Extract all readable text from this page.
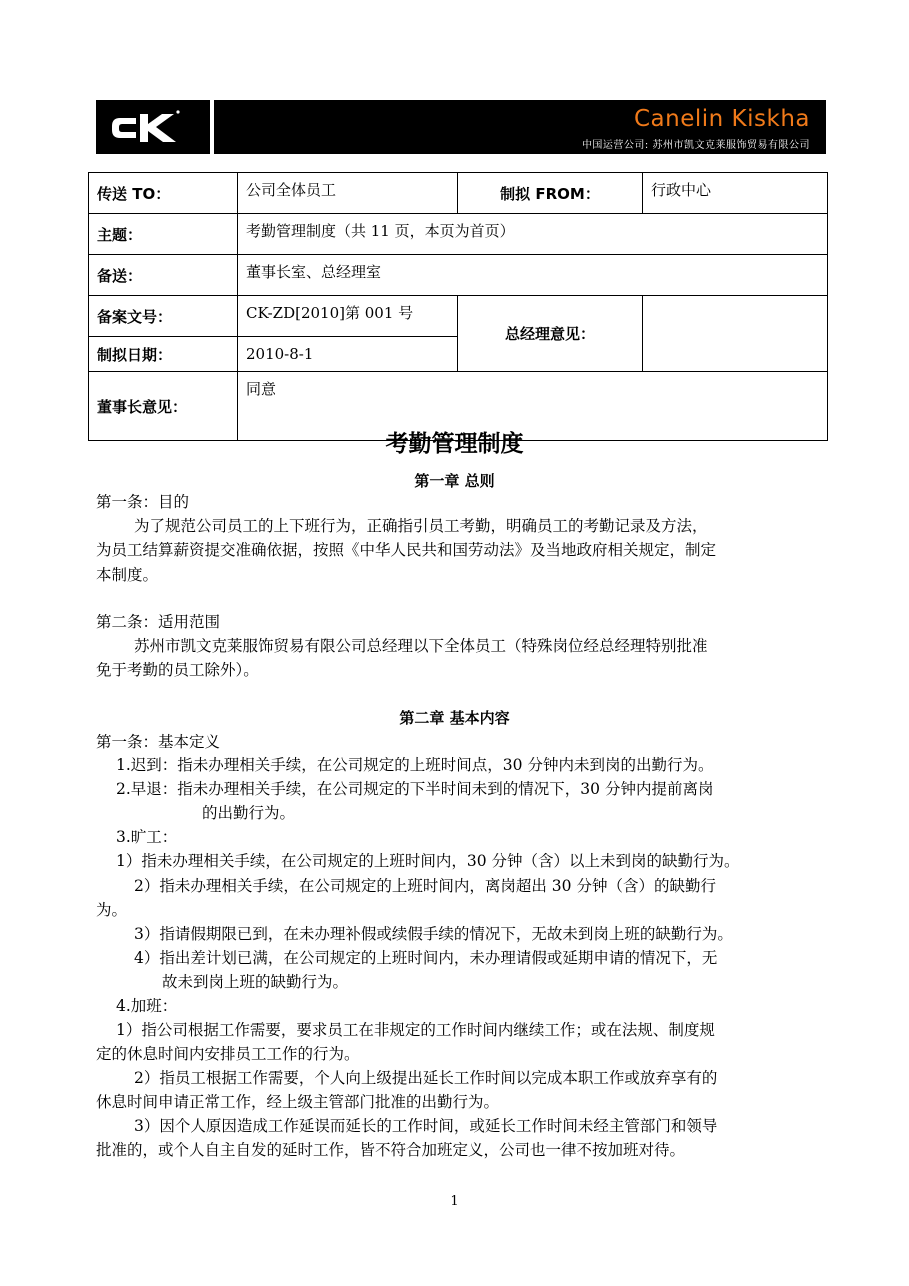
Canelin Kiskha
中国运营公司: 苏州市凯文克莱服饰贸易有限公司
传送 TO：	公司全体员工	制拟 FROM：	行政中心
主题：	考勤管理制度（共 11 页，本页为首页）		
备送：	董事长室、总经理室		
备案文号：	CK-ZD[2010]第 001 号	总经理意见：	
制拟日期：	2010-8-1		
董事长意见：	同意		
考勤管理制度
第一章 总则
第一条：目的
为了规范公司员工的上下班行为，正确指引员工考勤，明确员工的考勤记录及方法，
为员工结算薪资提交准确依据，按照《中华人民共和国劳动法》及当地政府相关规定，制定
本制度。
第二条：适用范围
苏州市凯文克莱服饰贸易有限公司总经理以下全体员工（特殊岗位经总经理特别批准
免于考勤的员工除外）。
第二章 基本内容
第一条：基本定义
1.迟到：指未办理相关手续，在公司规定的上班时间点，30 分钟内未到岗的出勤行为。
2.早退：指未办理相关手续，在公司规定的下半时间未到的情况下，30 分钟内提前离岗
的出勤行为。
3.旷工：
1）指未办理相关手续，在公司规定的上班时间内，30 分钟（含）以上未到岗的缺勤行为。
2）指未办理相关手续，在公司规定的上班时间内，离岗超出 30 分钟（含）的缺勤行
为。
3）指请假期限已到，在未办理补假或续假手续的情况下，无故未到岗上班的缺勤行为。
4）指出差计划已满，在公司规定的上班时间内，未办理请假或延期申请的情况下，无
故未到岗上班的缺勤行为。
4.加班：
1）指公司根据工作需要，要求员工在非规定的工作时间内继续工作；或在法规、制度规
定的休息时间内安排员工工作的行为。
2）指员工根据工作需要，个人向上级提出延长工作时间以完成本职工作或放弃享有的
休息时间申请正常工作，经上级主管部门批准的出勤行为。
3）因个人原因造成工作延误而延长的工作时间，或延长工作时间未经主管部门和领导
批准的，或个人自主自发的延时工作，皆不符合加班定义，公司也一律不按加班对待。
1
